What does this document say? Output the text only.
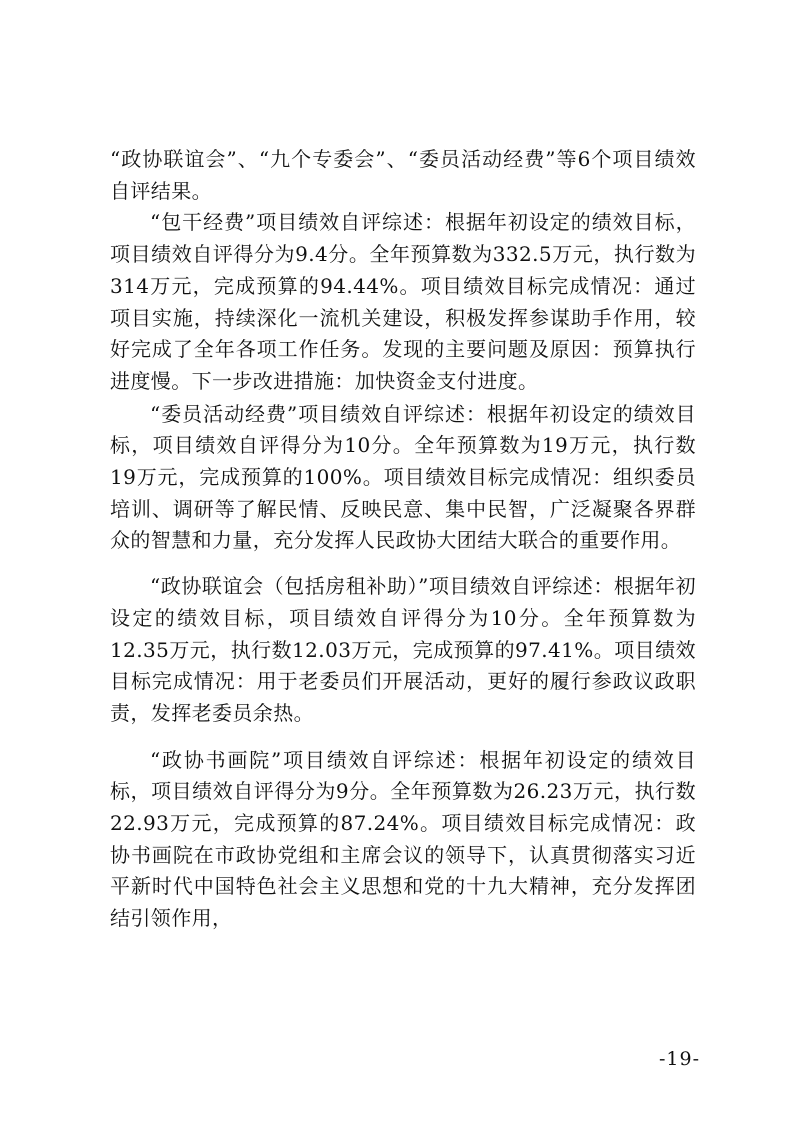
“政协联谊会”、“九个专委会”、“委员活动经费”等6个项目绩效自评结果。

“包干经费”项目绩效自评综述：根据年初设定的绩效目标，项目绩效自评得分为9.4分。全年预算数为332.5万元，执行数为314万元，完成预算的94.44%。项目绩效目标完成情况：通过项目实施，持续深化一流机关建设，积极发挥参谋助手作用，较好完成了全年各项工作任务。发现的主要问题及原因：预算执行进度慢。下一步改进措施：加快资金支付进度。

“委员活动经费”项目绩效自评综述：根据年初设定的绩效目标，项目绩效自评得分为10分。全年预算数为19万元，执行数19万元，完成预算的100%。项目绩效目标完成情况：组织委员培训、调研等了解民情、反映民意、集中民智，广泛凝聚各界群众的智慧和力量，充分发挥人民政协大团结大联合的重要作用。

“政协联谊会（包括房租补助）”项目绩效自评综述：根据年初设定的绩效目标，项目绩效自评得分为10分。全年预算数为12.35万元，执行数12.03万元，完成预算的97.41%。项目绩效目标完成情况：用于老委员们开展活动，更好的履行参政议政职责，发挥老委员余热。

“政协书画院”项目绩效自评综述：根据年初设定的绩效目标，项目绩效自评得分为9分。全年预算数为26.23万元，执行数22.93万元，完成预算的87.24%。项目绩效目标完成情况：政协书画院在市政协党组和主席会议的领导下，认真贯彻落实习近平新时代中国特色社会主义思想和党的十九大精神，充分发挥团结引领作用，

-19-
